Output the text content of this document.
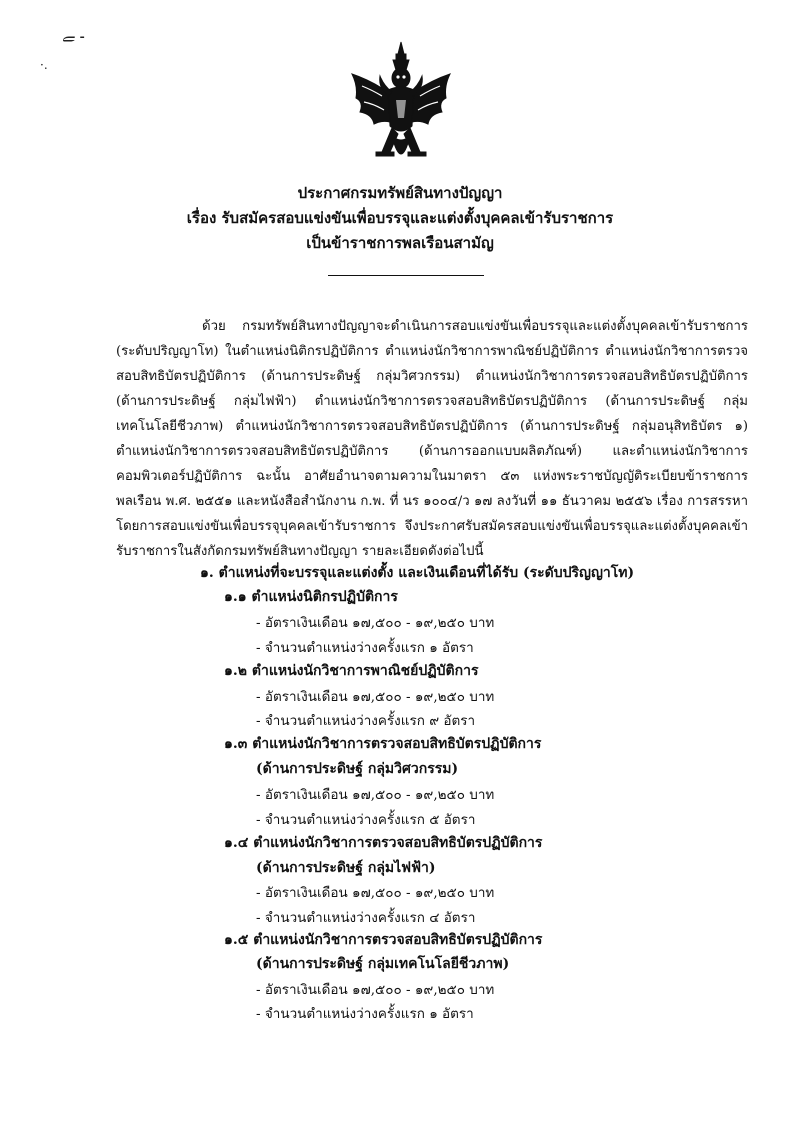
ـ ﮯ
·.
ประกาศกรมทรัพย์สินทางปัญญา
เรื่อง รับสมัครสอบแข่งขันเพื่อบรรจุและแต่งตั้งบุคคลเข้ารับราชการ
เป็นข้าราชการพลเรือนสามัญ
ด้วย กรมทรัพย์สินทางปัญญาจะดำเนินการสอบแข่งขันเพื่อบรรจุและแต่งตั้งบุคคลเข้ารับราชการ (ระดับปริญญาโท) ในตำแหน่งนิติกรปฏิบัติการ ตำแหน่งนักวิชาการพาณิชย์ปฏิบัติการ ตำแหน่งนักวิชาการตรวจสอบสิทธิบัตรปฏิบัติการ (ด้านการประดิษฐ์ กลุ่มวิศวกรรม) ตำแหน่งนักวิชาการตรวจสอบสิทธิบัตรปฏิบัติการ (ด้านการประดิษฐ์ กลุ่มไฟฟ้า) ตำแหน่งนักวิชาการตรวจสอบสิทธิบัตรปฏิบัติการ (ด้านการประดิษฐ์ กลุ่มเทคโนโลยีชีวภาพ) ตำแหน่งนักวิชาการตรวจสอบสิทธิบัตรปฏิบัติการ (ด้านการประดิษฐ์ กลุ่มอนุสิทธิบัตร ๑) ตำแหน่งนักวิชาการตรวจสอบสิทธิบัตรปฏิบัติการ (ด้านการออกแบบผลิตภัณฑ์) และตำแหน่งนักวิชาการคอมพิวเตอร์ปฏิบัติการ ฉะนั้น อาศัยอำนาจตามความในมาตรา ๕๓ แห่งพระราชบัญญัติระเบียบข้าราชการพลเรือน พ.ศ. ๒๕๕๑ และหนังสือสำนักงาน ก.พ. ที่ นร ๑๐๐๔/ว ๑๗ ลงวันที่ ๑๑ ธันวาคม ๒๕๕๖ เรื่อง การสรรหาโดยการสอบแข่งขันเพื่อบรรจุบุคคลเข้ารับราชการ จึงประกาศรับสมัครสอบแข่งขันเพื่อบรรจุและแต่งตั้งบุคคลเข้ารับราชการในสังกัดกรมทรัพย์สินทางปัญญา รายละเอียดดังต่อไปนี้
๑. ตำแหน่งที่จะบรรจุและแต่งตั้ง และเงินเดือนที่ได้รับ (ระดับปริญญาโท)
๑.๑ ตำแหน่งนิติกรปฏิบัติการ
- อัตราเงินเดือน ๑๗,๕๐๐ - ๑๙,๒๕๐ บาท
- จำนวนตำแหน่งว่างครั้งแรก ๑ อัตรา
๑.๒ ตำแหน่งนักวิชาการพาณิชย์ปฏิบัติการ
- อัตราเงินเดือน ๑๗,๕๐๐ - ๑๙,๒๕๐ บาท
- จำนวนตำแหน่งว่างครั้งแรก ๙ อัตรา
๑.๓ ตำแหน่งนักวิชาการตรวจสอบสิทธิบัตรปฏิบัติการ
(ด้านการประดิษฐ์ กลุ่มวิศวกรรม)
- อัตราเงินเดือน ๑๗,๕๐๐ - ๑๙,๒๕๐ บาท
- จำนวนตำแหน่งว่างครั้งแรก ๕ อัตรา
๑.๔ ตำแหน่งนักวิชาการตรวจสอบสิทธิบัตรปฏิบัติการ
(ด้านการประดิษฐ์ กลุ่มไฟฟ้า)
- อัตราเงินเดือน ๑๗,๕๐๐ - ๑๙,๒๕๐ บาท
- จำนวนตำแหน่งว่างครั้งแรก ๔ อัตรา
๑.๕ ตำแหน่งนักวิชาการตรวจสอบสิทธิบัตรปฏิบัติการ
(ด้านการประดิษฐ์ กลุ่มเทคโนโลยีชีวภาพ)
- อัตราเงินเดือน ๑๗,๕๐๐ - ๑๙,๒๕๐ บาท
- จำนวนตำแหน่งว่างครั้งแรก ๑ อัตรา
